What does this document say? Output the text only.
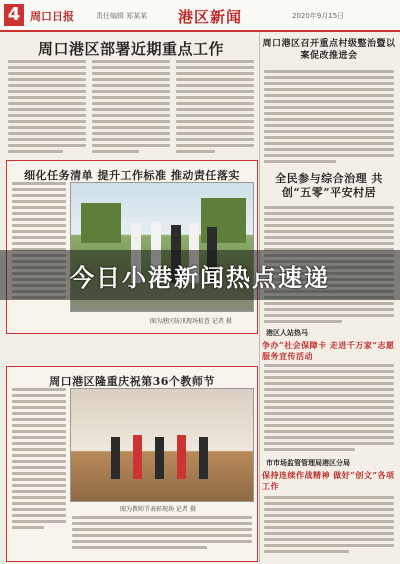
4 周口日报	责任编辑 郑某某 港区新闻	2020年9月15日
周口港区部署近期重点工作
细化任务清单 提升工作标准 推动责任落实
图为港区防汛现场检查 记者 摄
周口港区隆重庆祝第36个教师节
图为教师节表彰现场 记者 摄
周口港区召开重点村级整治暨以案促改推进会
全民参与综合治理 共创“五零”平安村居
港区人站热马
争办“社会保障卡 走进千万家”志愿服务宣传活动
市市场监管管理局港区分局
保持连续作战精神 做好“创文”各项工作
今日小港新闻热点速递
